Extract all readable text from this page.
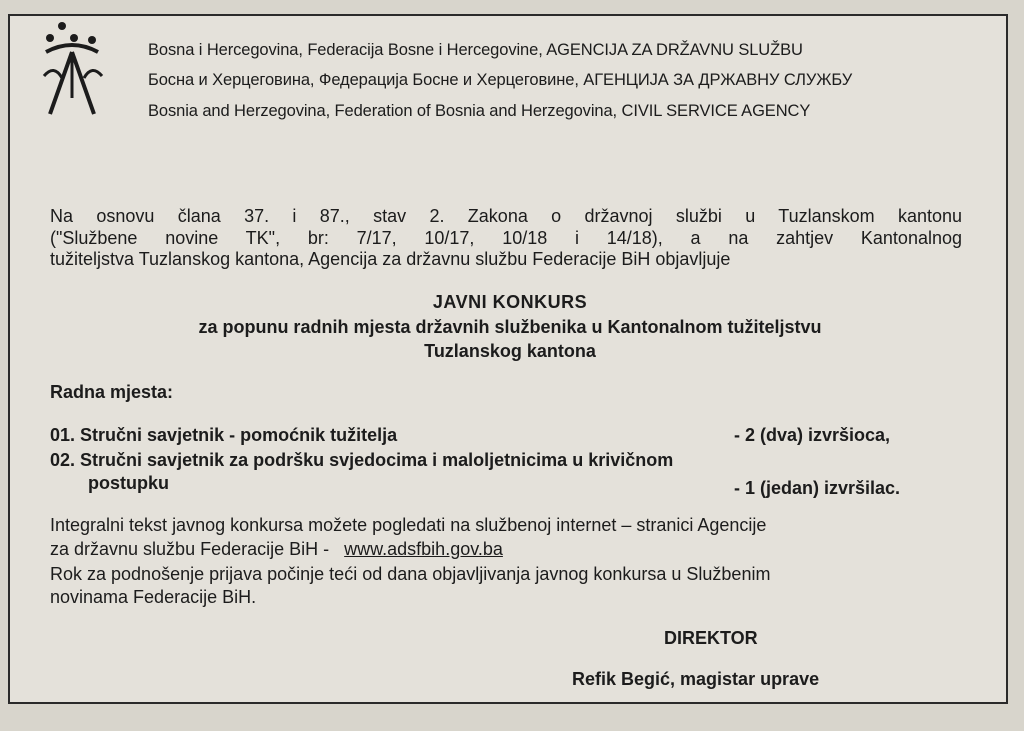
Bosna i Hercegovina, Federacija Bosne i Hercegovine, AGENCIJA ZA DRŽAVNU SLUŽBU
Босна и Херцеговина, Федерација Босне и Херцеговине, АГЕНЦИЈА ЗА ДРЖАВНУ СЛУЖБУ
Bosnia and Herzegovina, Federation of Bosnia and Herzegovina, CIVIL SERVICE AGENCY
Na osnovu člana 37. i 87., stav 2. Zakona o državnoj službi u Tuzlanskom kantonu
("Službene novine TK", br: 7/17, 10/17, 10/18 i 14/18), a na zahtjev Kantonalnog
tužiteljstva Tuzlanskog kantona, Agencija za državnu službu Federacije BiH objavljuje
JAVNI KONKURS
za popunu radnih mjesta državnih službenika u Kantonalnom tužiteljstvu
Tuzlanskog kantona
Radna mjesta:
01. Stručni savjetnik - pomoćnik tužitelja	- 2 (dva) izvršioca,
02. Stručni savjetnik za podršku svjedocima i maloljetnicima u krivičnom
postupku	- 1 (jedan) izvršilac.
Integralni tekst javnog konkursa možete pogledati na službenoj internet – stranici Agencije
za državnu službu Federacije BiH - www.adsfbih.gov.ba
Rok za podnošenje prijava počinje teći od dana objavljivanja javnog konkursa u Službenim
novinama Federacije BiH.
DIREKTOR
Refik Begić, magistar uprave
